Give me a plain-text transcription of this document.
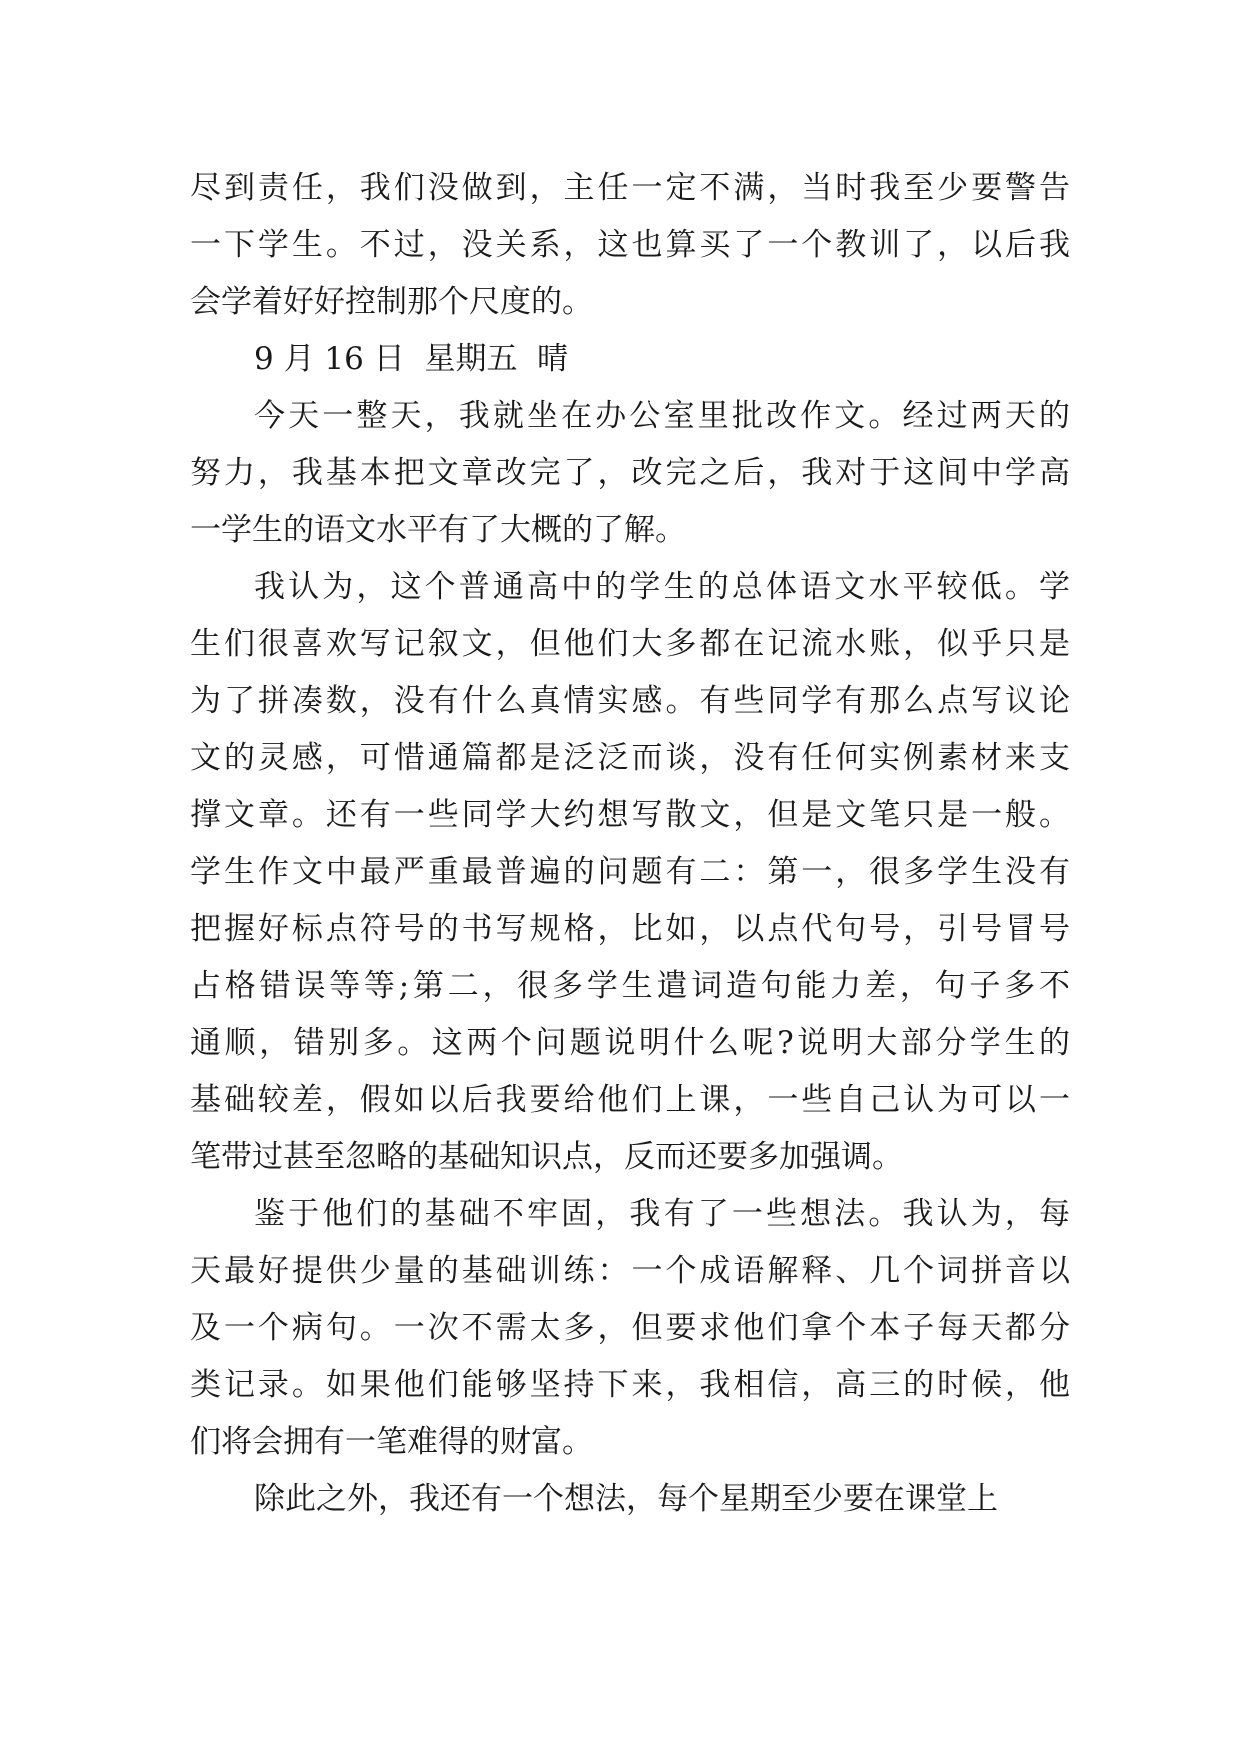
尽到责任，我们没做到，主任一定不满，当时我至少要警告
一下学生。不过，没关系，这也算买了一个教训了，以后我
会学着好好控制那个尺度的。
9 月 16 日  星期五  晴
今天一整天，我就坐在办公室里批改作文。经过两天的
努力，我基本把文章改完了，改完之后，我对于这间中学高
一学生的语文水平有了大概的了解。
我认为，这个普通高中的学生的总体语文水平较低。学
生们很喜欢写记叙文，但他们大多都在记流水账，似乎只是
为了拼凑数，没有什么真情实感。有些同学有那么点写议论
文的灵感，可惜通篇都是泛泛而谈，没有任何实例素材来支
撑文章。还有一些同学大约想写散文，但是文笔只是一般。
学生作文中最严重最普遍的问题有二：第一，很多学生没有
把握好标点符号的书写规格，比如，以点代句号，引号冒号
占格错误等等;第二，很多学生遣词造句能力差，句子多不
通顺，错别多。这两个问题说明什么呢?说明大部分学生的
基础较差，假如以后我要给他们上课，一些自己认为可以一
笔带过甚至忽略的基础知识点，反而还要多加强调。
鉴于他们的基础不牢固，我有了一些想法。我认为，每
天最好提供少量的基础训练：一个成语解释、几个词拼音以
及一个病句。一次不需太多，但要求他们拿个本子每天都分
类记录。如果他们能够坚持下来，我相信，高三的时候，他
们将会拥有一笔难得的财富。
除此之外，我还有一个想法，每个星期至少要在课堂上
